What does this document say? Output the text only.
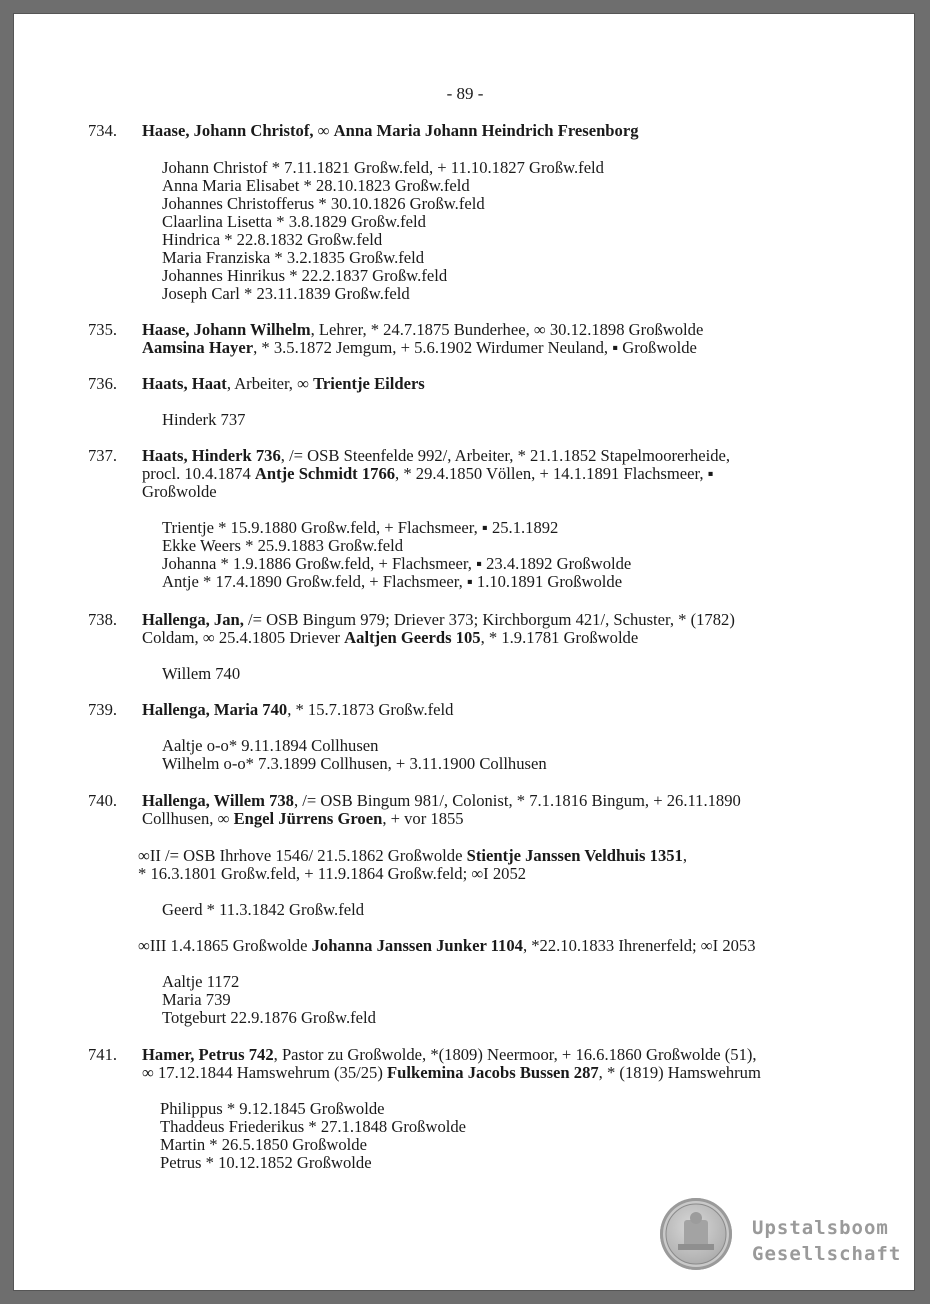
- 89 -
734. Haase, Johann Christof, ∞ Anna Maria Johann Heindrich Fresenborg
Johann Christof * 7.11.1821 Großw.feld, + 11.10.1827 Großw.feld
Anna Maria Elisabet * 28.10.1823 Großw.feld
Johannes Christofferus * 30.10.1826 Großw.feld
Claarlina Lisetta * 3.8.1829 Großw.feld
Hindrica * 22.8.1832 Großw.feld
Maria Franziska * 3.2.1835 Großw.feld
Johannes Hinrikus * 22.2.1837 Großw.feld
Joseph Carl * 23.11.1839 Großw.feld
735. Haase, Johann Wilhelm, Lehrer, * 24.7.1875 Bunderhee, ∞ 30.12.1898 Großwolde
Aamsina Hayer, * 3.5.1872 Jemgum, + 5.6.1902 Wirdumer Neuland, ▪ Großwolde
736. Haats, Haat, Arbeiter, ∞ Trientje Eilders
Hinderk 737
737. Haats, Hinderk 736, /= OSB Steenfelde 992/, Arbeiter, * 21.1.1852 Stapelmoorerheide,
procl. 10.4.1874 Antje Schmidt 1766, * 29.4.1850 Völlen, + 14.1.1891 Flachsmeer, ▪
Großwolde
Trientje * 15.9.1880 Großw.feld, + Flachsmeer, ▪ 25.1.1892
Ekke Weers * 25.9.1883 Großw.feld
Johanna * 1.9.1886 Großw.feld, + Flachsmeer, ▪ 23.4.1892 Großwolde
Antje * 17.4.1890 Großw.feld, + Flachsmeer, ▪ 1.10.1891 Großwolde
738. Hallenga, Jan, /= OSB Bingum 979; Driever 373; Kirchborgum 421/, Schuster, * (1782)
Coldam, ∞ 25.4.1805 Driever Aaltjen Geerds 105, * 1.9.1781 Großwolde
Willem 740
739. Hallenga, Maria 740, * 15.7.1873 Großw.feld
Aaltje o-o* 9.11.1894 Collhusen
Wilhelm o-o* 7.3.1899 Collhusen, + 3.11.1900 Collhusen
740. Hallenga, Willem 738, /= OSB Bingum 981/, Colonist, * 7.1.1816 Bingum, + 26.11.1890
Collhusen, ∞ Engel Jürrens Groen, + vor 1855
∞II /= OSB Ihrhove 1546/ 21.5.1862 Großwolde Stientje Janssen Veldhuis 1351,
* 16.3.1801 Großw.feld, + 11.9.1864 Großw.feld; ∞I 2052
Geerd * 11.3.1842 Großw.feld
∞III 1.4.1865 Großwolde Johanna Janssen Junker 1104, *22.10.1833 Ihrenerfeld; ∞I 2053
Aaltje 1172
Maria 739
Totgeburt 22.9.1876 Großw.feld
741. Hamer, Petrus 742, Pastor zu Großwolde, *(1809) Neermoor, + 16.6.1860 Großwolde (51),
∞ 17.12.1844 Hamswehrum (35/25) Fulkemina Jacobs Bussen 287, * (1819) Hamswehrum
Philippus * 9.12.1845 Großwolde
Thaddeus Friederikus * 27.1.1848 Großwolde
Martin * 26.5.1850 Großwolde
Petrus * 10.12.1852 Großwolde
Upstalsboom
Gesellschaft
